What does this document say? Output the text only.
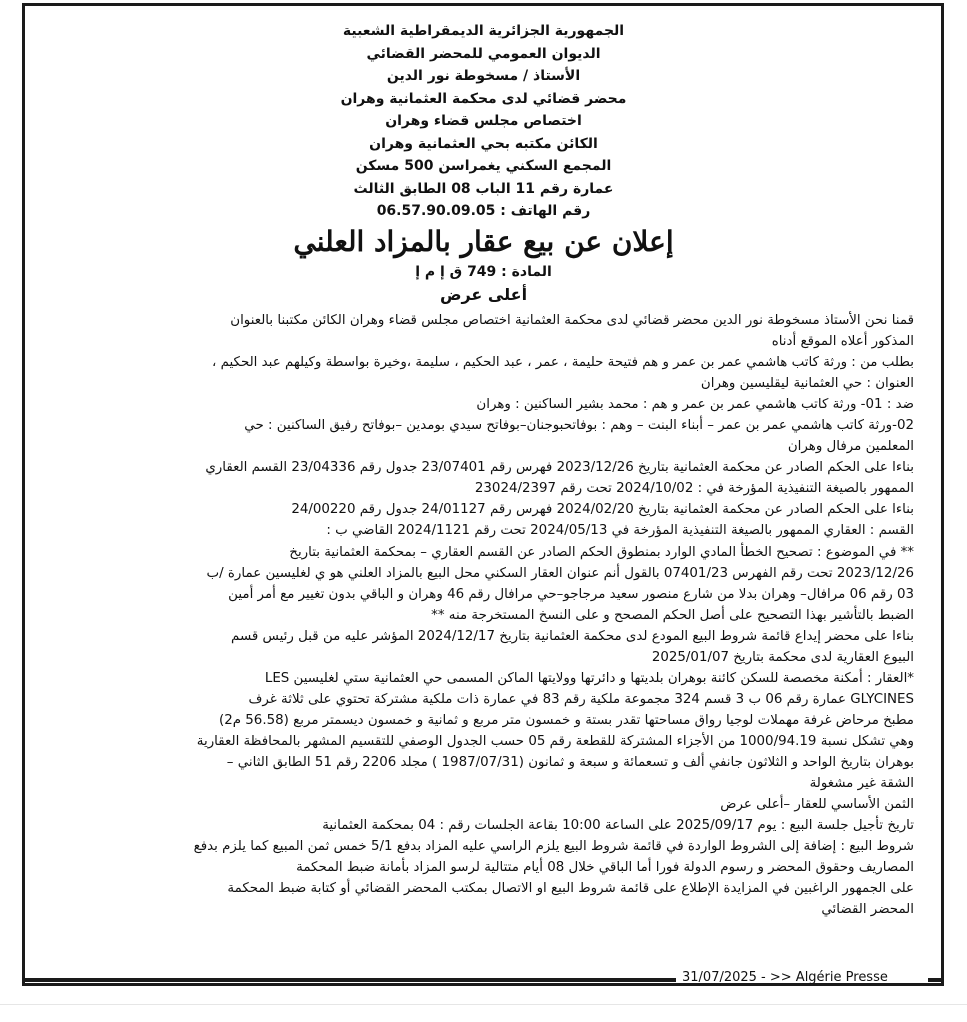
الجمهورية الجزائرية الديمقراطية الشعبية
الديوان العمومي للمحضر القضائي
الأستاذ / مسخوطة نور الدين
محضر قضائي لدى محكمة العثمانية وهران
اختصاص مجلس قضاء وهران
الكائن مكتبه بحي العثمانية وهران
المجمع السكني يغمراسن 500 مسكن
عمارة رقم 11 الباب 08 الطابق الثالث
رقم الهاتف : 06.57.90.09.05
إعلان عن بيع عقار بالمزاد العلني
المادة : 749 ق إ م إ
أعلى عرض
قمنا نحن الأستاذ مسخوطة نور الدين محضر قضائي لدى محكمة العثمانية اختصاص مجلس قضاء وهران الكائن مكتبنا بالعنوان
المذكور أعلاه الموقع أدناه
بطلب من : ورثة كاتب هاشمي عمر بن عمر و هم فتيحة حليمة ، عمر ، عبد الحكيم ، سليمة ،وخيرة بواسطة وكيلهم عبد الحكيم ،
العنوان : حي العثمانية ليقليسين وهران
ضد : 01- ورثة كاتب هاشمي عمر بن عمر و هم : محمد بشير الساكنين : وهران
02-ورثة كاتب هاشمي عمر بن عمر – أبناء البنت – وهم : بوفاتحبوجنان–بوفاتح سيدي بومدين –بوفاتح رفيق الساكنين : حي
المعلمين مرفال وهران
بناءا على الحكم الصادر عن محكمة العثمانية بتاريخ 2023/12/26 فهرس رقم 23/07401 جدول رقم 23/04336 القسم العقاري
الممهور بالصيغة التنفيذية المؤرخة في : 2024/10/02 تحت رقم 23024/2397
بناءا على الحكم الصادر عن محكمة العثمانية بتاريخ 2024/02/20 فهرس رقم 24/01127 جدول رقم 24/00220
القسم : العقاري الممهور بالصيغة التنفيذية المؤرخة في 2024/05/13 تحت رقم 2024/1121 القاضي ب :
** في الموضوع : تصحيح الخطأ المادي الوارد بمنطوق الحكم الصادر عن القسم العقاري – بمحكمة العثمانية بتاريخ
2023/12/26 تحت رقم الفهرس 07401/23 بالقول أنم عنوان العقار السكني محل البيع بالمزاد العلني هو ي لغليسين عمارة /ب
03 رقم 06 مرافال– وهران بدلا من شارع منصور سعيد مرجاجو–حي مرافال رقم 46 وهران و الباقي بدون تغيير مع أمر أمين
الضبط بالتأشير بهذا التصحيح على أصل الحكم المصحح و على النسخ المستخرجة منه **
بناءا على محضر إيداع قائمة شروط البيع المودع لدى محكمة العثمانية بتاريخ 2024/12/17 المؤشر عليه من قبل رئيس قسم
البيوع العقارية لدى محكمة بتاريخ 2025/01/07
*العقار : أمكنة مخصصة للسكن كائنة بوهران بلديتها و دائرتها وولايتها الماكن المسمى حي العثمانية ستي لغليسين LES
GLYCINES عمارة رقم 06 ب 3 قسم 324 مجموعة ملكية رقم 83 في عمارة ذات ملكية مشتركة تحتوي على ثلاثة غرف
مطبخ مرحاض غرفة مهملات لوجيا رواق مساحتها تقدر بستة و خمسون متر مربع و ثمانية و خمسون ديسمتر مربع (56.58 م2)
وهي تشكل نسبة 1000/94.19 من الأجزاء المشتركة للقطعة رقم 05 حسب الجدول الوصفي للتقسيم المشهر بالمحافظة العقارية
بوهران بتاريخ الواحد و الثلاثون جانفي ألف و تسعمائة و سبعة و ثمانون (1987/07/31 ) مجلد 2206 رقم 51 الطابق الثاني –
الشقة غير مشغولة
الثمن الأساسي للعقار –أعلى عرض
تاريخ تأجيل جلسة البيع : يوم 2025/09/17 على الساعة 10:00 بقاعة الجلسات رقم : 04 بمحكمة العثمانية
شروط البيع : إضافة إلى الشروط الواردة في قائمة شروط البيع يلزم الراسي عليه المزاد بدفع 5/1 خمس ثمن المبيع كما يلزم بدفع
المصاريف وحقوق المحضر و رسوم الدولة فورا أما الباقي خلال 08 أيام متتالية لرسو المزاد بأمانة ضبط المحكمة
على الجمهور الراغبين في المزايدة الإطلاع على قائمة شروط البيع او الاتصال بمكتب المحضر القضائي أو كتابة ضبط المحكمة
المحضر القضائي
31/07/2025 - >> Algérie Presse
